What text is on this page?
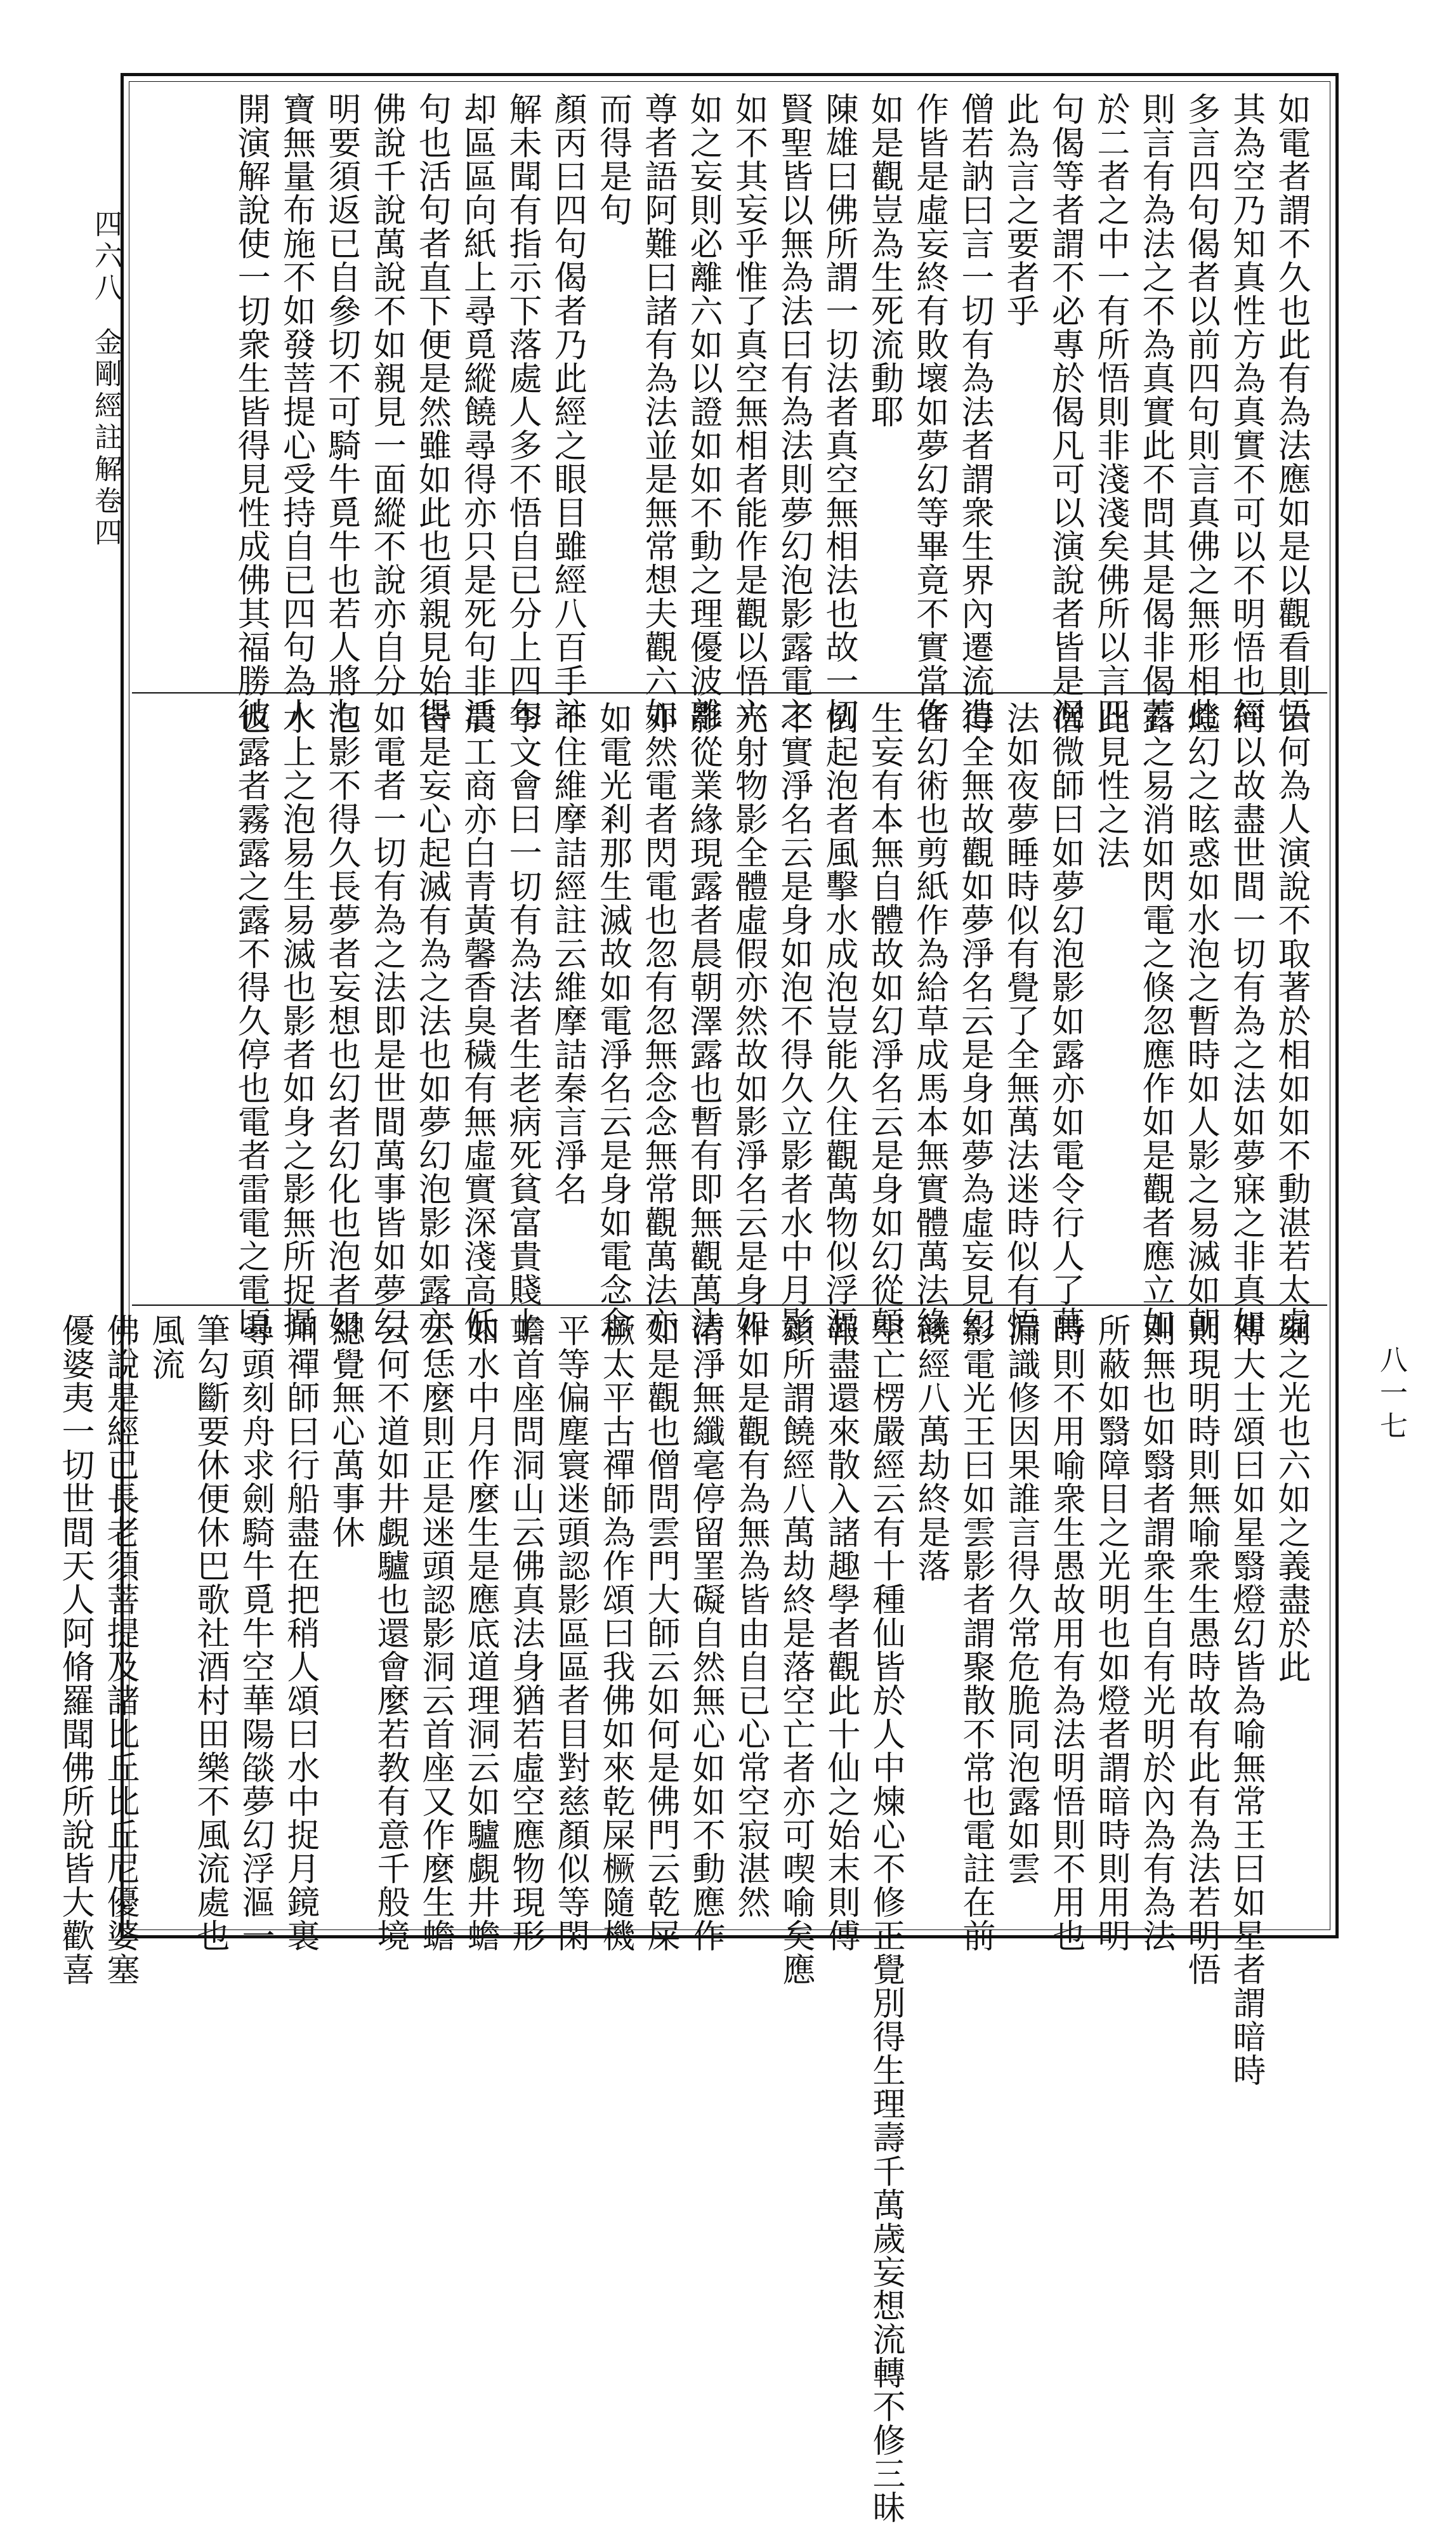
四六八
金剛經註解卷四
八一七
如電者謂不久也此有為法應如是以觀看則悟
其為空乃知真性方為真實不可以不明悟也經
多言四句偈者以前四句則言真佛之無形相此
則言有為法之不為真實此不問其是偈非偈若
於二者之中一有所悟則非淺淺矣佛所以言四
句偈等者謂不必專於偈凡可以演說者皆是況
此為言之要者乎
僧若訥曰言一切有為法者謂衆生界內遷流造
作皆是虛妄終有敗壞如夢幻等畢竟不實當作
如是觀豈為生死流動耶
陳雄曰佛所謂一切法者真空無相法也故一切
賢聖皆以無為法曰有為法則夢幻泡影露電之
如不其妄乎惟了真空無相者能作是觀以悟六
如之妄則必離六如以證如如不動之理優波離
尊者語阿難曰諸有為法並是無常想夫觀六如
而得是句
顏丙曰四句偈者乃此經之眼目雖經八百手註
解未聞有指示下落處人多不悟自已分上四句
却區區向紙上尋覓縱饒尋得亦只是死句非活
句也活句者直下便是然雖如此也須親見始得
佛說千說萬說不如親見一面縱不說亦自分
明要須返已自參切不可騎牛覓牛也若人將七
寶無量布施不如發菩提心受持自已四句為人
開演解說使一切衆生皆得見性成佛其福勝彼
云何為人演說不取著於相如如不動湛若太虛
何以故盡世間一切有為之法如夢寐之非真如
燈幻之眩惑如水泡之暫時如人影之易滅如朝
露之易消如閃電之倏忽應作如是觀者應立如
此見性之法
僧微師曰如夢幻泡影如露亦如電令行人了萬
法如夜夢睡時似有覺了全無萬法迷時似有悟
得全無故觀如夢淨名云是身如夢為虛妄見幻
者幻術也剪紙作為給草成馬本無實體萬法緣
生妄有本無自體故如幻淨名云是身如幻從顛
倒起泡者風擊水成泡豈能久住觀萬物似浮漚
不實淨名云是身如泡不得久立影者水中月影
光射物影全體虛假亦然故如影淨名云是身如
影從業緣現露者晨朝澤露也暫有即無觀萬法
亦然電者閃電也忽有忽無念念無常觀萬法亦
如電光剎那生滅故如電淨名云是身如電念念
不住維摩詰經註云維摩詰秦言淨名
李文會曰一切有為法者生老病死貧富貴賤士
農工商亦白青黃馨香臭穢有無虛實深淺高低
皆是妄心起滅有為之法也如夢幻泡影如露亦
如電者一切有為之法即是世間萬事皆如夢幻
泡影不得久長夢者妄想也幻者幻化也泡者如
水上之泡易生易滅也影者如身之影無所捉攝
也露者霧露之露不得久停也電者雷電之電頃
刻之光也六如之義盡於此
傅大士頌曰如星翳燈幻皆為喻無常王曰如星者謂暗時
則現明時則無喻衆生愚時故有此有為法若明悟
則無也如翳者謂衆生自有光明於內為有為法
所蔽如翳障目之光明也如燈者謂暗時則用明
時則不用喻衆生愚故用有為法明悟則不用也
漏識修因果誰言得久常危脆同泡露如雲
影電光王曰如雲影者謂聚散不常也電註在前
饒經八萬劫終是落
空亡楞嚴經云有十種仙皆於人中煉心不修正覺別得生理壽千萬歲妄想流轉不修三昧
報盡還來散入諸趣學者觀此十仙之始末則傅
頌所謂饒經八萬劫終是落空亡者亦可喫喻矣應
作如是觀有為無為皆由自已心常空寂湛然
清淨無纖毫停留罣礙自然無心如如不動應作
如是觀也僧問雲門大師云如何是佛門云乾屎
橛太平古禪師為作頌曰我佛如來乾屎橛隨機
平等偏塵寰迷頭認影區區者目對慈顏似等閑
蟾首座問洞山云佛真法身猶若虛空應物現形
如水中月作麼生是應底道理洞云如驢覷井蟾
云恁麼則正是迷頭認影洞云首座又作麼生蟾
云何不道如井覷驢也還會麼若教有意千般境
總覺無心萬事休
川禪師曰行船盡在把稍人頌曰水中捉月鏡裏
尋頭刻舟求劍騎牛覓牛空華陽燄夢幻浮漚一
筆勾斷要休便休巴歌社酒村田樂不風流處也
風流
佛說是經已長老須菩提及諸比丘比丘尼優婆塞
優婆夷一切世間天人阿脩羅聞佛所說皆大歡喜
